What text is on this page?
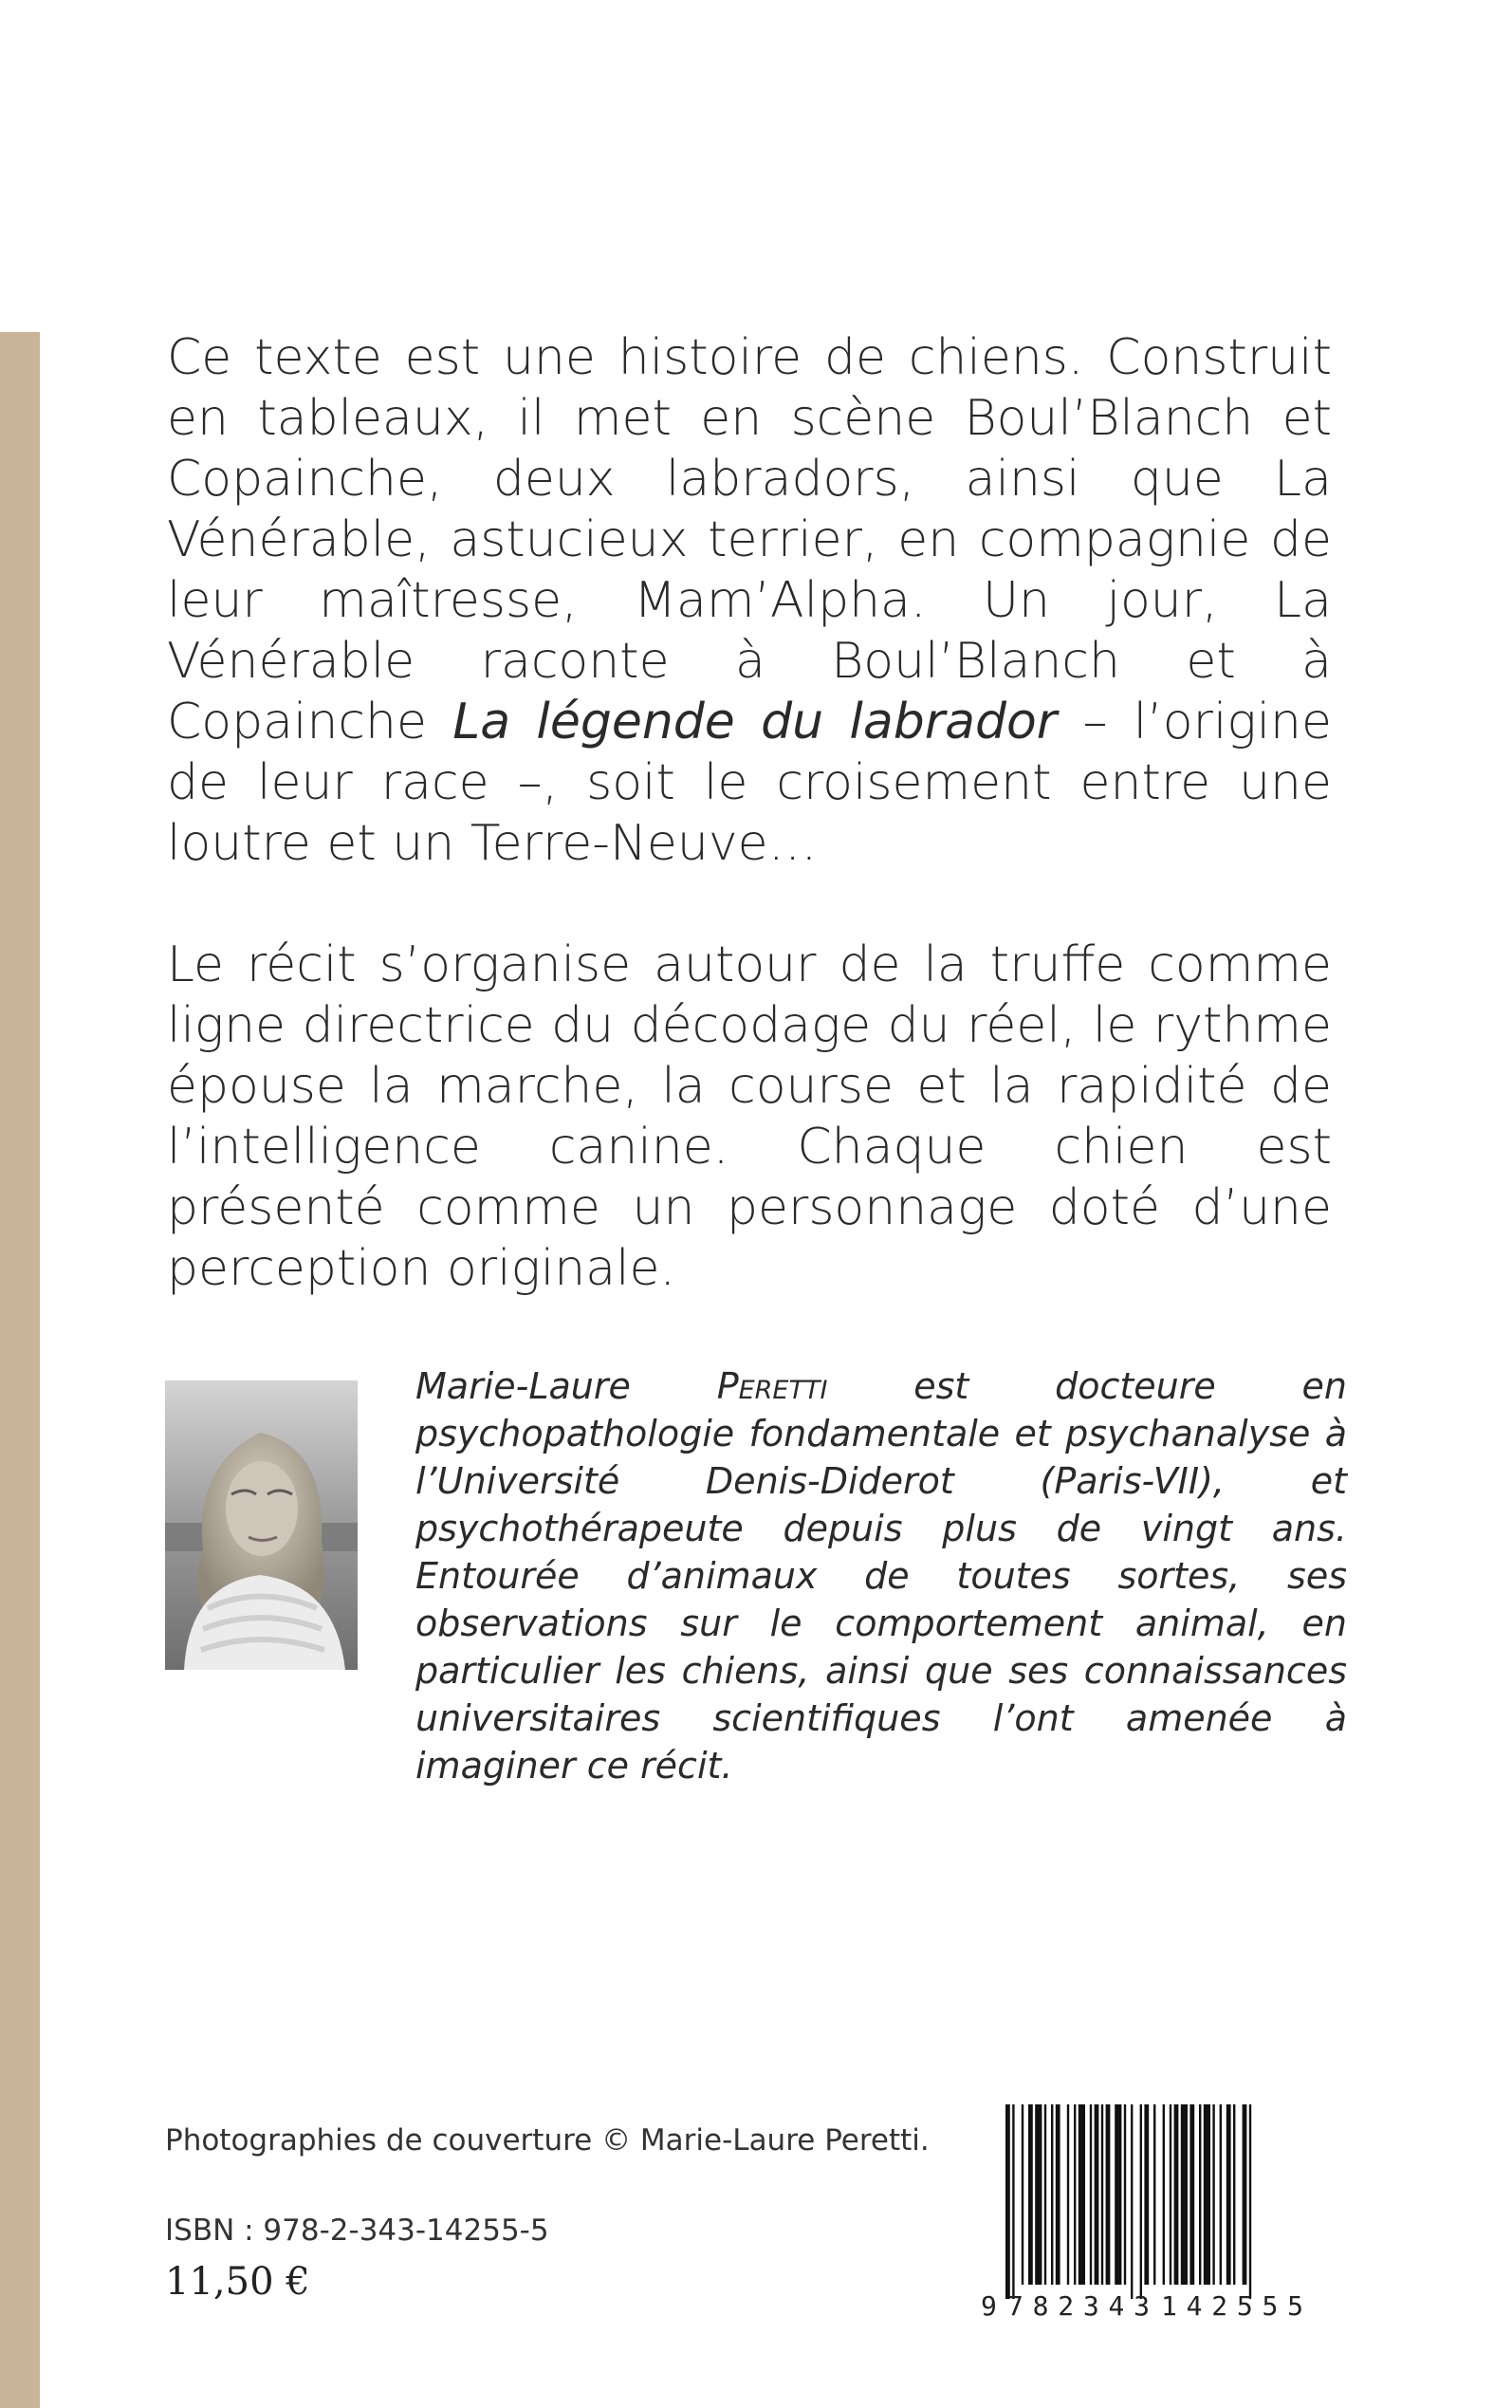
Ce texte est une histoire de chiens. Construit en tableaux, il met en scène Boul’Blanch et Copainche, deux labradors, ainsi que La Vénérable, astucieux terrier, en compagnie de leur maîtresse, Mam’Alpha. Un jour, La Vénérable raconte à Boul’Blanch et à Copainche La légende du labrador – l’origine de leur race –, soit le croisement entre une loutre et un Terre-Neuve…

Le récit s’organise autour de la truffe comme ligne directrice du décodage du réel, le rythme épouse la marche, la course et la rapidité de l’intelligence canine. Chaque chien est présenté comme un personnage doté d’une perception originale.

Marie-Laure Peretti est docteure en psychopathologie fondamentale et psychanalyse à l’Université Denis-Diderot (Paris-VII), et psychothérapeute depuis plus de vingt ans. Entourée d’animaux de toutes sortes, ses observations sur le comportement animal, en particulier les chiens, ainsi que ses connaissances universitaires scientifiques l’ont amenée à imaginer ce récit.
Photographies de couverture © Marie-Laure Peretti.
ISBN : 978-2-343-14255-5
11,50 €
9 782343 142555
